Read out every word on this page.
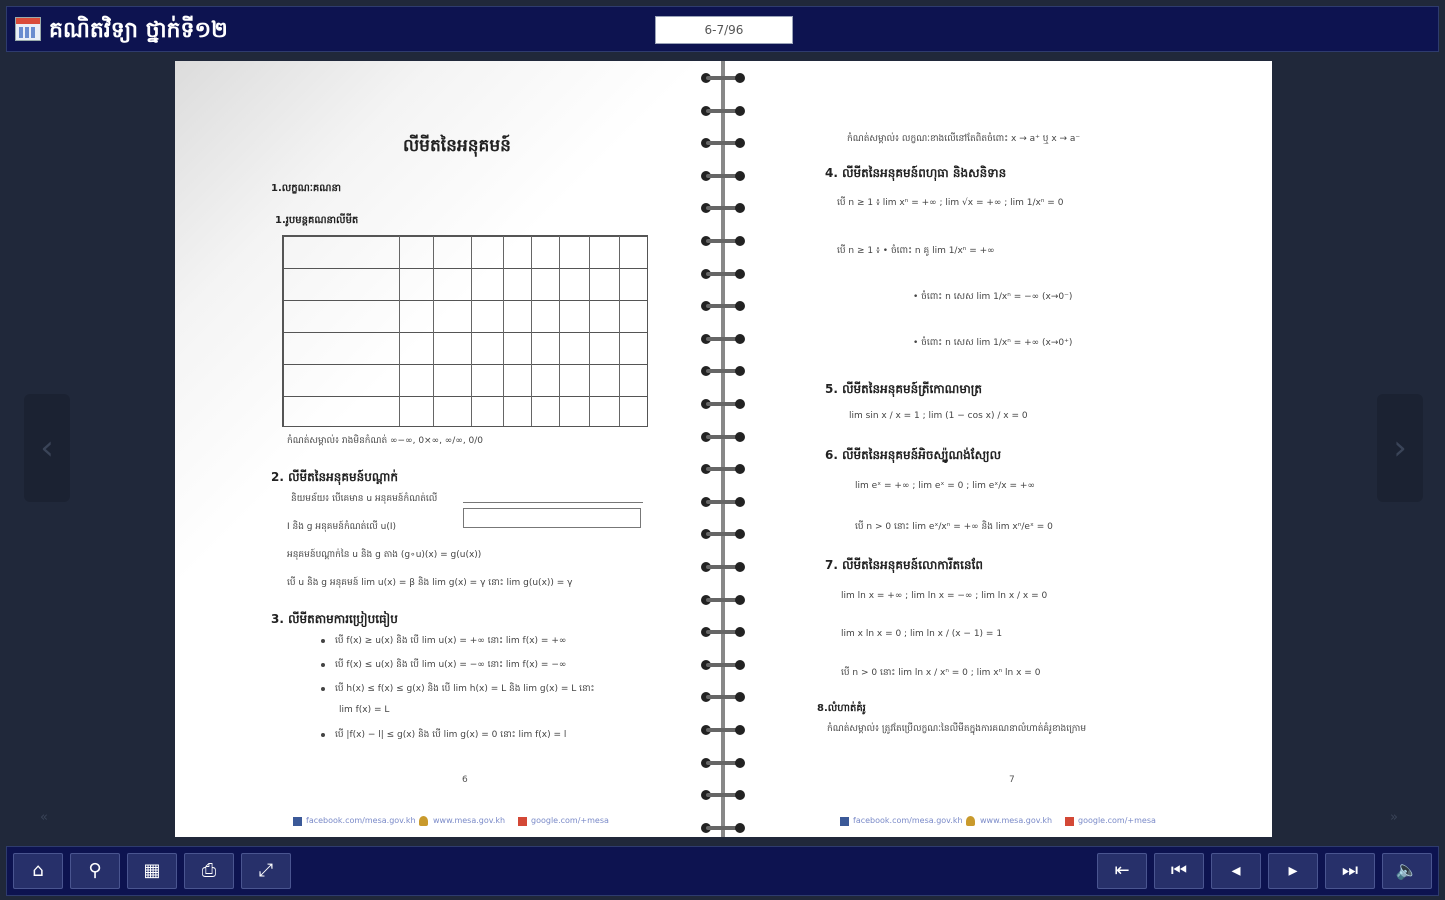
គណិតវិទ្យា ថ្នាក់ទី១២	6-7/96
‹	›
«	»
លីមីតនៃអនុគមន៍
1.លក្ខណៈគណនា
1.រូបមន្តគណនាលីមីត
កំណត់សម្គាល់៖ រាងមិនកំណត់ ∞−∞, 0×∞, ∞/∞, 0/0
2. លីមីតនៃអនុគមន៍បណ្ដាក់
និយមន័យ៖ បើគេមាន u អនុគមន៍កំណត់លើ
I និង g អនុគមន៍កំណត់លើ u(I)
អនុគមន៍បណ្ដាក់នៃ u និង g តាង (g∘u)(x) = g(u(x))
បើ u និង g អនុគមន៍ lim u(x) = β និង lim g(x) = γ នោះ lim g(u(x)) = γ
3. លីមីតតាមការប្រៀបធៀប
បើ f(x) ≥ u(x) និង បើ lim u(x) = +∞ នោះ lim f(x) = +∞
បើ f(x) ≤ u(x) និង បើ lim u(x) = −∞ នោះ lim f(x) = −∞
បើ h(x) ≤ f(x) ≤ g(x) និង បើ lim h(x) = L និង lim g(x) = L នោះ
lim f(x) = L
បើ |f(x) − l| ≤ g(x) និង បើ lim g(x) = 0 នោះ lim f(x) = l
6
facebook.com/mesa.gov.kh www.mesa.gov.kh	google.com/+mesa
កំណត់សម្គាល់៖ លក្ខណៈខាងលើនៅតែពិតចំពោះ x → a⁺ ឬ x → a⁻
4. លីមីតនៃអនុគមន៍ពហុធា និងសនិទាន
បើ n ≥ 1 ៖ lim xⁿ = +∞ ; lim √x = +∞ ; lim 1/xⁿ = 0
បើ n ≥ 1 ៖ • ចំពោះ n គូ lim 1/xⁿ = +∞
• ចំពោះ n សេស lim 1/xⁿ = −∞ (x→0⁻)
• ចំពោះ n សេស lim 1/xⁿ = +∞ (x→0⁺)
5. លីមីតនៃអនុគមន៍ត្រីកោណមាត្រ
lim sin x / x = 1 ; lim (1 − cos x) / x = 0
6. លីមីតនៃអនុគមន៍អិចស្ប៉ូណង់ស្យែល
lim eˣ = +∞ ; lim eˣ = 0 ; lim eˣ/x = +∞
បើ n > 0 នោះ lim eˣ/xⁿ = +∞ និង lim xⁿ/eˣ = 0
7. លីមីតនៃអនុគមន៍លោការីតនេពែ
lim ln x = +∞ ; lim ln x = −∞ ; lim ln x / x = 0
lim x ln x = 0 ; lim ln x / (x − 1) = 1
បើ n > 0 នោះ lim ln x / xⁿ = 0 ; lim xⁿ ln x = 0
8.លំហាត់គំរូ
កំណត់សម្គាល់៖ ត្រូវតែប្រើលក្ខណៈនៃលីមីតក្នុងការគណនាលំហាត់គំរូខាងក្រោម
7
facebook.com/mesa.gov.kh www.mesa.gov.kh	google.com/+mesa
⌂	⚲	▦	⎙	⤢	⇤	⏮	◂	▸	⏭	🔈
